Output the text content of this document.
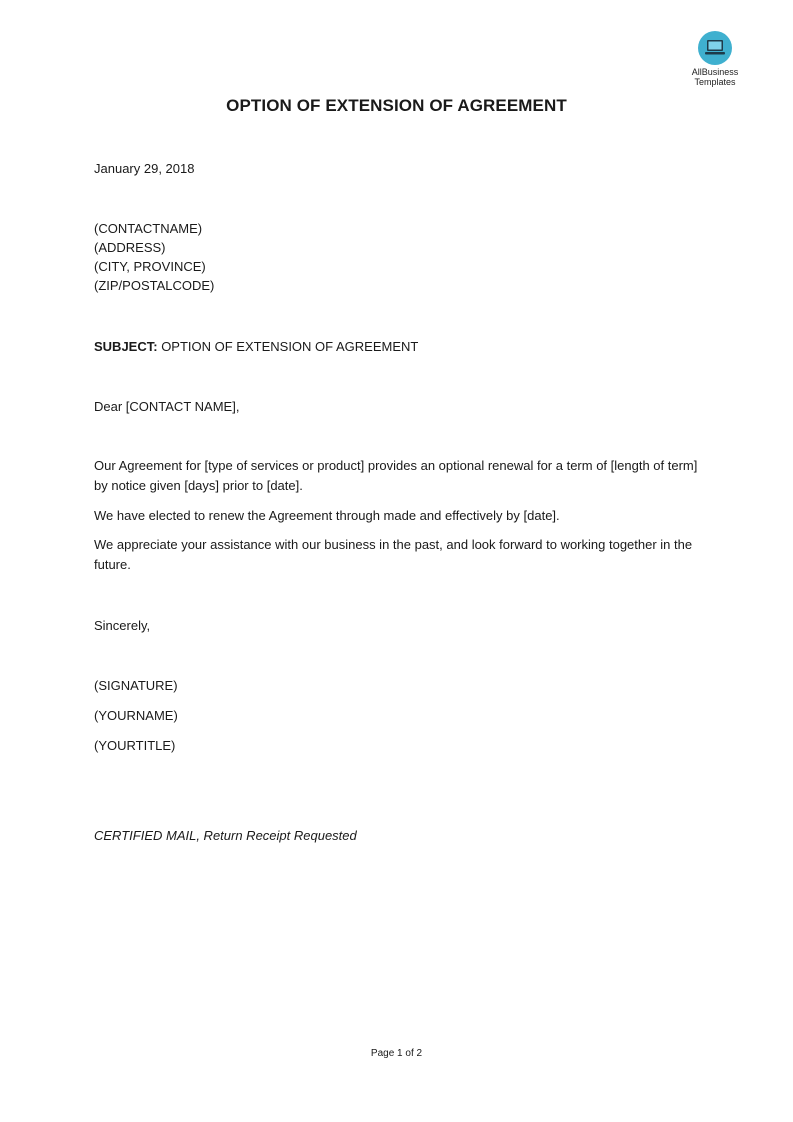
AllBusiness
Templates
OPTION OF EXTENSION OF AGREEMENT
January 29, 2018
(CONTACTNAME)
(ADDRESS)
(CITY, PROVINCE)
(ZIP/POSTALCODE)
SUBJECT: OPTION OF EXTENSION OF AGREEMENT
Dear [CONTACT NAME],
Our Agreement for [type of services or product] provides an optional renewal for a term of [length of term] by notice given [days] prior to [date].
We have elected to renew the Agreement through made and effectively by [date].
We appreciate your assistance with our business in the past, and look forward to working together in the future.
Sincerely,
(SIGNATURE)
(YOURNAME)
(YOURTITLE)
CERTIFIED MAIL, Return Receipt Requested
Page 1 of 2
